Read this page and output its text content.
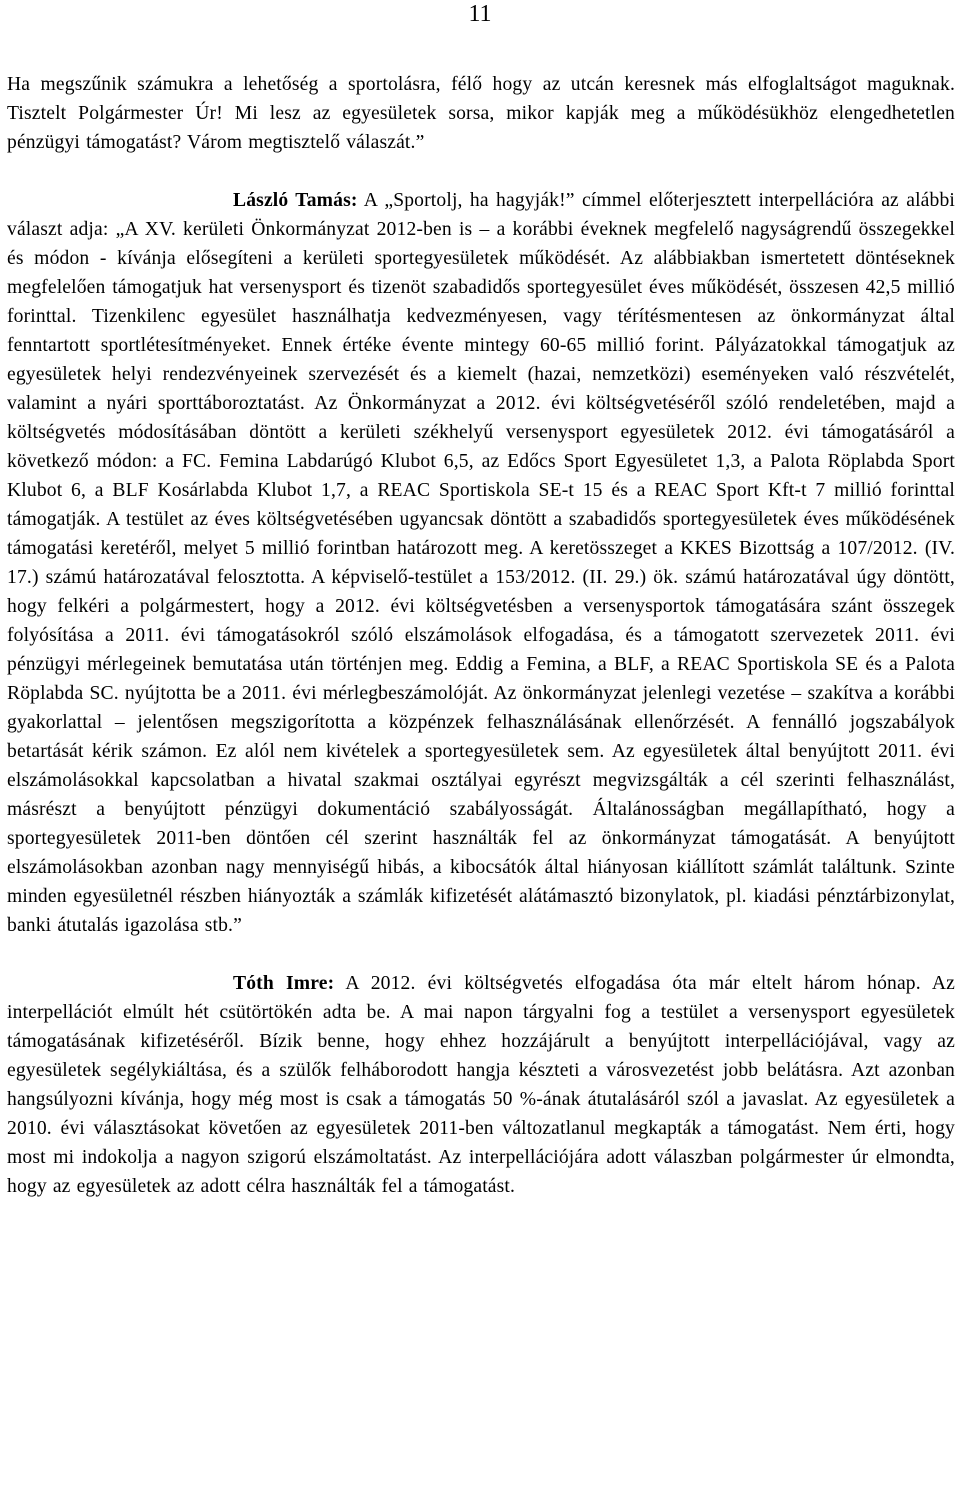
11

Ha megszűnik számukra a lehetőség a sportolásra, félő hogy az utcán keresnek más elfoglaltságot maguknak. Tisztelt Polgármester Úr! Mi lesz az egyesületek sorsa, mikor kapják meg a működésükhöz elengedhetetlen pénzügyi támogatást? Várom megtisztelő válaszát.”

László Tamás: A „Sportolj, ha hagyják!” címmel előterjesztett interpellációra az alábbi választ adja: „A XV. kerületi Önkormányzat 2012-ben is – a korábbi éveknek megfelelő nagyságrendű összegekkel és módon - kívánja elősegíteni a kerületi sportegyesületek működését. Az alábbiakban ismertetett döntéseknek megfelelően támogatjuk hat versenysport és tizenöt szabadidős sportegyesület éves működését, összesen 42,5 millió forinttal. Tizenkilenc egyesület használhatja kedvezményesen, vagy térítésmentesen az önkormányzat által fenntartott sportlétesítményeket. Ennek értéke évente mintegy 60-65 millió forint. Pályázatokkal támogatjuk az egyesületek helyi rendezvényeinek szervezését és a kiemelt (hazai, nemzetközi) eseményeken való részvételét, valamint a nyári sporttáboroztatást. Az Önkormányzat a 2012. évi költségvetéséről szóló rendeletében, majd a költségvetés módosításában döntött a kerületi székhelyű versenysport egyesületek 2012. évi támogatásáról a következő módon: a FC. Femina Labdarúgó Klubot 6,5, az Edőcs Sport Egyesületet 1,3, a Palota Röplabda Sport Klubot 6, a BLF Kosárlabda Klubot 1,7, a REAC Sportiskola SE-t 15 és a REAC Sport Kft-t 7 millió forinttal támogatják. A testület az éves költségvetésében ugyancsak döntött a szabadidős sportegyesületek éves működésének támogatási keretéről, melyet 5 millió forintban határozott meg. A keretösszeget a KKES Bizottság a 107/2012. (IV. 17.) számú határozatával felosztotta. A képviselő-testület a 153/2012. (II. 29.) ök. számú határozatával úgy döntött, hogy felkéri a polgármestert, hogy a 2012. évi költségvetésben a versenysportok támogatására szánt összegek folyósítása a 2011. évi támogatásokról szóló elszámolások elfogadása, és a támogatott szervezetek 2011. évi pénzügyi mérlegeinek bemutatása után történjen meg. Eddig a Femina, a BLF, a REAC Sportiskola SE és a Palota Röplabda SC. nyújtotta be a 2011. évi mérlegbeszámolóját. Az önkormányzat jelenlegi vezetése – szakítva a korábbi gyakorlattal – jelentősen megszigorította a közpénzek felhasználásának ellenőrzését. A fennálló jogszabályok betartását kérik számon. Ez alól nem kivételek a sportegyesületek sem. Az egyesületek által benyújtott 2011. évi elszámolásokkal kapcsolatban a hivatal szakmai osztályai egyrészt megvizsgálták a cél szerinti felhasználást, másrészt a benyújtott pénzügyi dokumentáció szabályosságát. Általánosságban megállapítható, hogy a sportegyesületek 2011-ben döntően cél szerint használták fel az önkormányzat támogatását. A benyújtott elszámolásokban azonban nagy mennyiségű hibás, a kibocsátók által hiányosan kiállított számlát találtunk. Szinte minden egyesületnél részben hiányozták a számlák kifizetését alátámasztó bizonylatok, pl. kiadási pénztárbizonylat, banki átutalás igazolása stb.”

Tóth Imre: A 2012. évi költségvetés elfogadása óta már eltelt három hónap. Az interpellációt elmúlt hét csütörtökén adta be. A mai napon tárgyalni fog a testület a versenysport egyesületek támogatásának kifizetéséről. Bízik benne, hogy ehhez hozzájárult a benyújtott interpellációjával, vagy az egyesületek segélykiáltása, és a szülők felháborodott hangja készteti a városvezetést jobb belátásra. Azt azonban hangsúlyozni kívánja, hogy még most is csak a támogatás 50 %-ának átutalásáról szól a javaslat. Az egyesületek a 2010. évi választásokat követően az egyesületek 2011-ben változatlanul megkapták a támogatást. Nem érti, hogy most mi indokolja a nagyon szigorú elszámoltatást. Az interpellációjára adott válaszban polgármester úr elmondta, hogy az egyesületek az adott célra használták fel a támogatást.
